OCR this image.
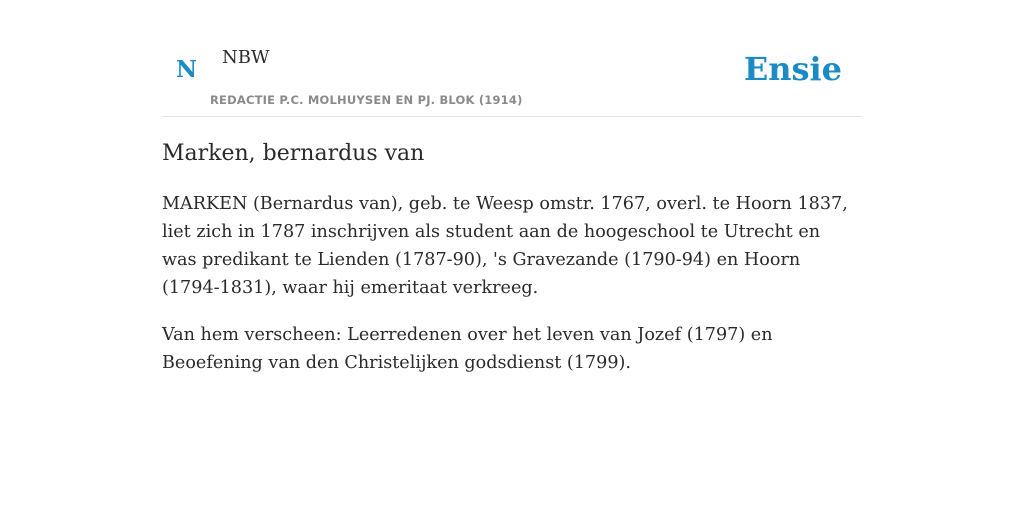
N NBW
REDACTIE P.C. MOLHUYSEN EN PJ. BLOK (1914)
Ensie
Marken, bernardus van

MARKEN (Bernardus van), geb. te Weesp omstr. 1767, overl. te Hoorn 1837, liet zich in 1787 inschrijven als student aan de hoogeschool te Utrecht en was predikant te Lienden (1787-90), 's Gravezande (1790-94) en Hoorn (1794-1831), waar hij emeritaat verkreeg.

Van hem verscheen: Leerredenen over het leven van Jozef (1797) en Beoefening van den Christelijken godsdienst (1799).
